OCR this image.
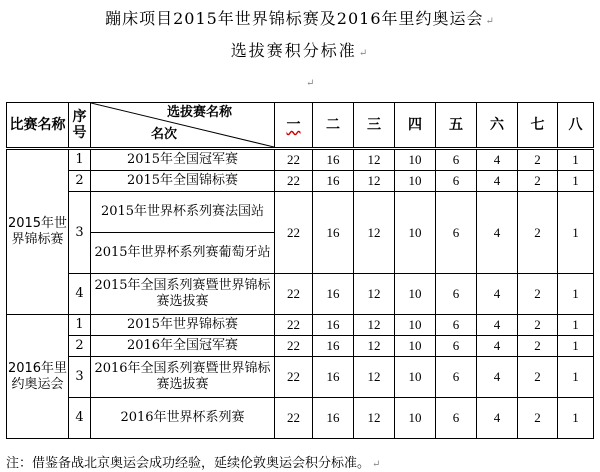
蹦床项目2015年世界锦标赛及2016年里约奥运会 ↵
选拔赛积分标准 ↵
↵
比赛名称	序号	选拔赛名称
名次	一	二	三	四	五	六	七	八
2015年世界锦标赛	1	2015年全国冠军赛	22	16	12	10	6	4	2	1
	2	2015年全国锦标赛	22	16	12	10	6	4	2	1
	3	2015年世界杯系列赛法国站	22	16	12	10	6	4	2	1
		2015年世界杯系列赛葡萄牙站								
	4	2015年全国系列赛暨世界锦标赛选拔赛	22	16	12	10	6	4	2	1
2016年里约奥运会	1	2015年世界锦标赛	22	16	12	10	6	4	2	1
	2	2016年全国冠军赛	22	16	12	10	6	4	2	1
	3	2016年全国系列赛暨世界锦标赛选拔赛	22	16	12	10	6	4	2	1
	4	2016年世界杯系列赛	22	16	12	10	6	4	2	1
注：借鉴备战北京奥运会成功经验，延续伦敦奥运会积分标准。 ↵
